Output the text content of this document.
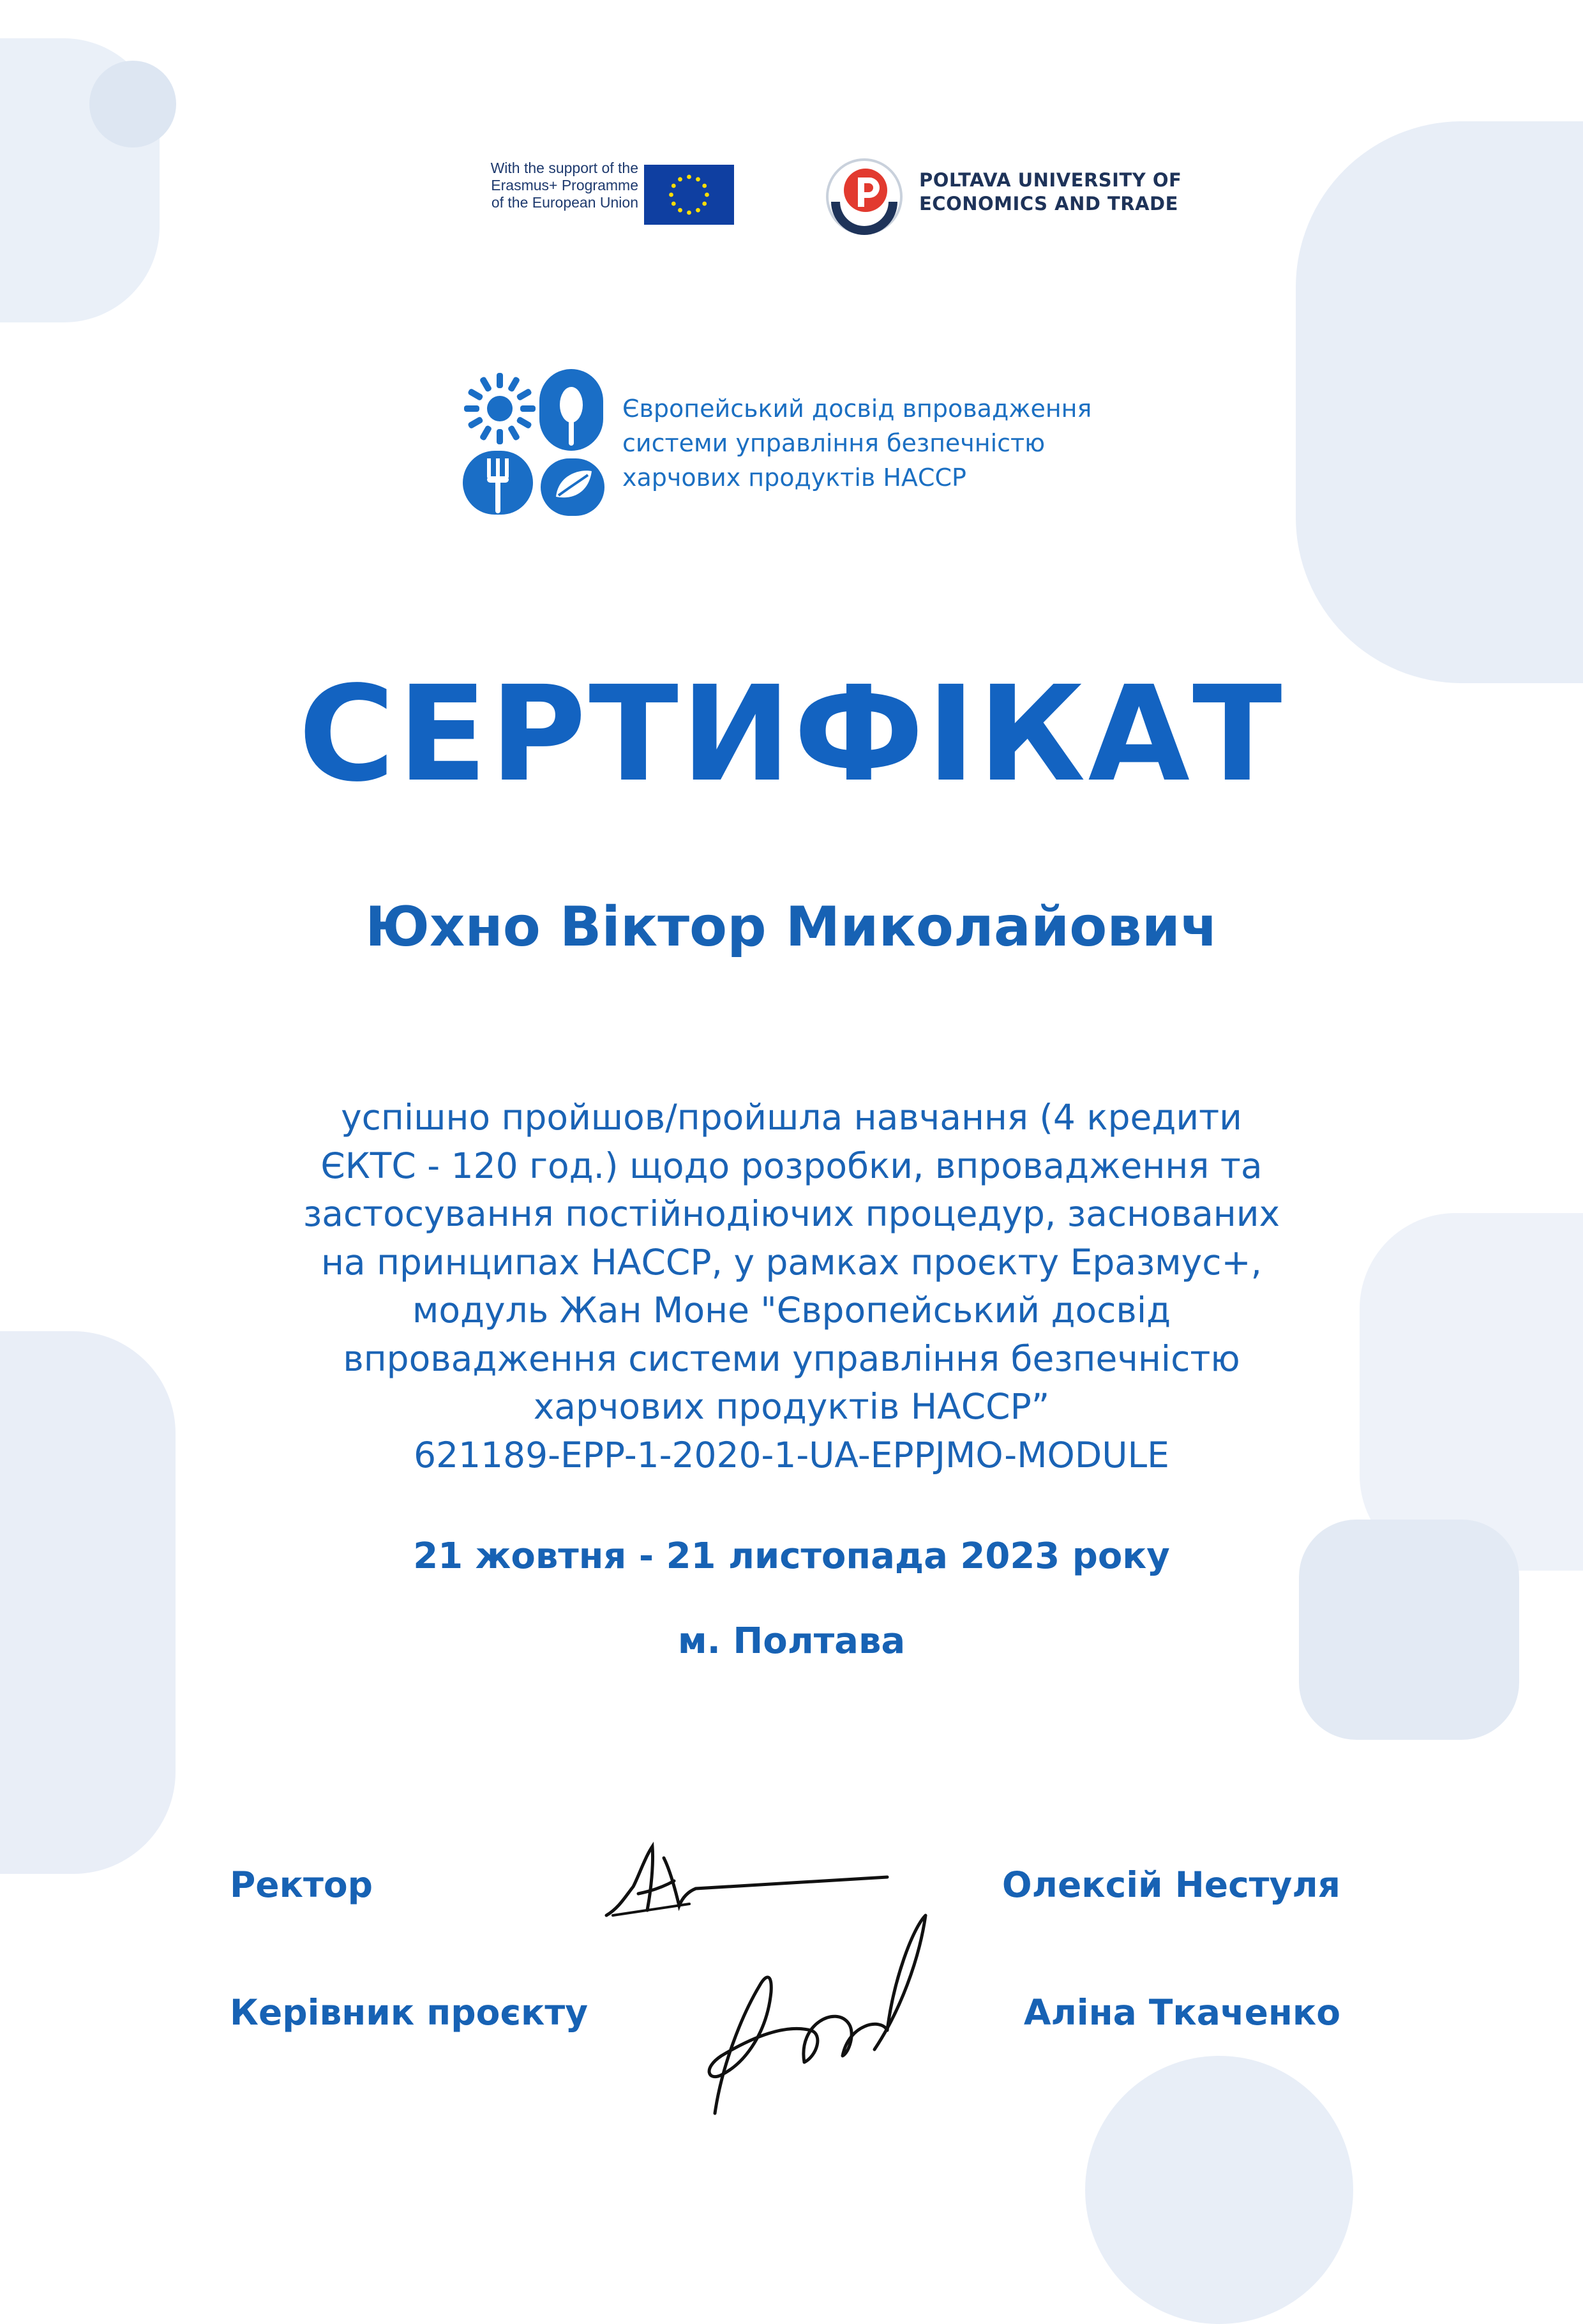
With the support of the
Erasmus+ Programme
of the European Union
POLTAVA UNIVERSITY OF
ECONOMICS AND TRADE
Європейський досвід впровадження
системи управління безпечністю
харчових продуктів НАССР
СЕРТИФІКАТ
Юхно Віктор Миколайович
успішно пройшов/пройшла навчання (4 кредити
ЄКТС - 120 год.) щодо розробки, впровадження та
застосування постійнодіючих процедур, заснованих
на принципах НАССР, у рамках проєкту Еразмус+,
модуль Жан Моне "Європейський досвід
впровадження системи управління безпечністю
харчових продуктів НАССР”
621189-EPP-1-2020-1-UA-EPPJMO-MODULE
21 жовтня - 21 листопада 2023 року
м. Полтава
Ректор	Олексій Нестуля
Керівник проєкту	Аліна Ткаченко
